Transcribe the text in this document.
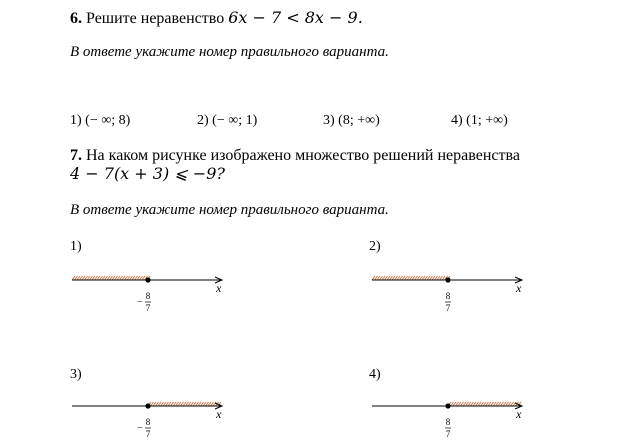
6. Решите неравенство 6x − 7 < 8x − 9.
В ответе укажите номер правильного варианта.
1) (− ∞; 8)	2) (− ∞; 1)	3) (8; +∞)	4) (1; +∞)
7. На каком рисунке изображено множество решений неравенства
4 − 7(x + 3) ⩽ −9?
В ответе укажите номер правильного варианта.
1)	2)
3)	4)
x
−
8
7
x
8
7
x
−
8
7
x
8
7
